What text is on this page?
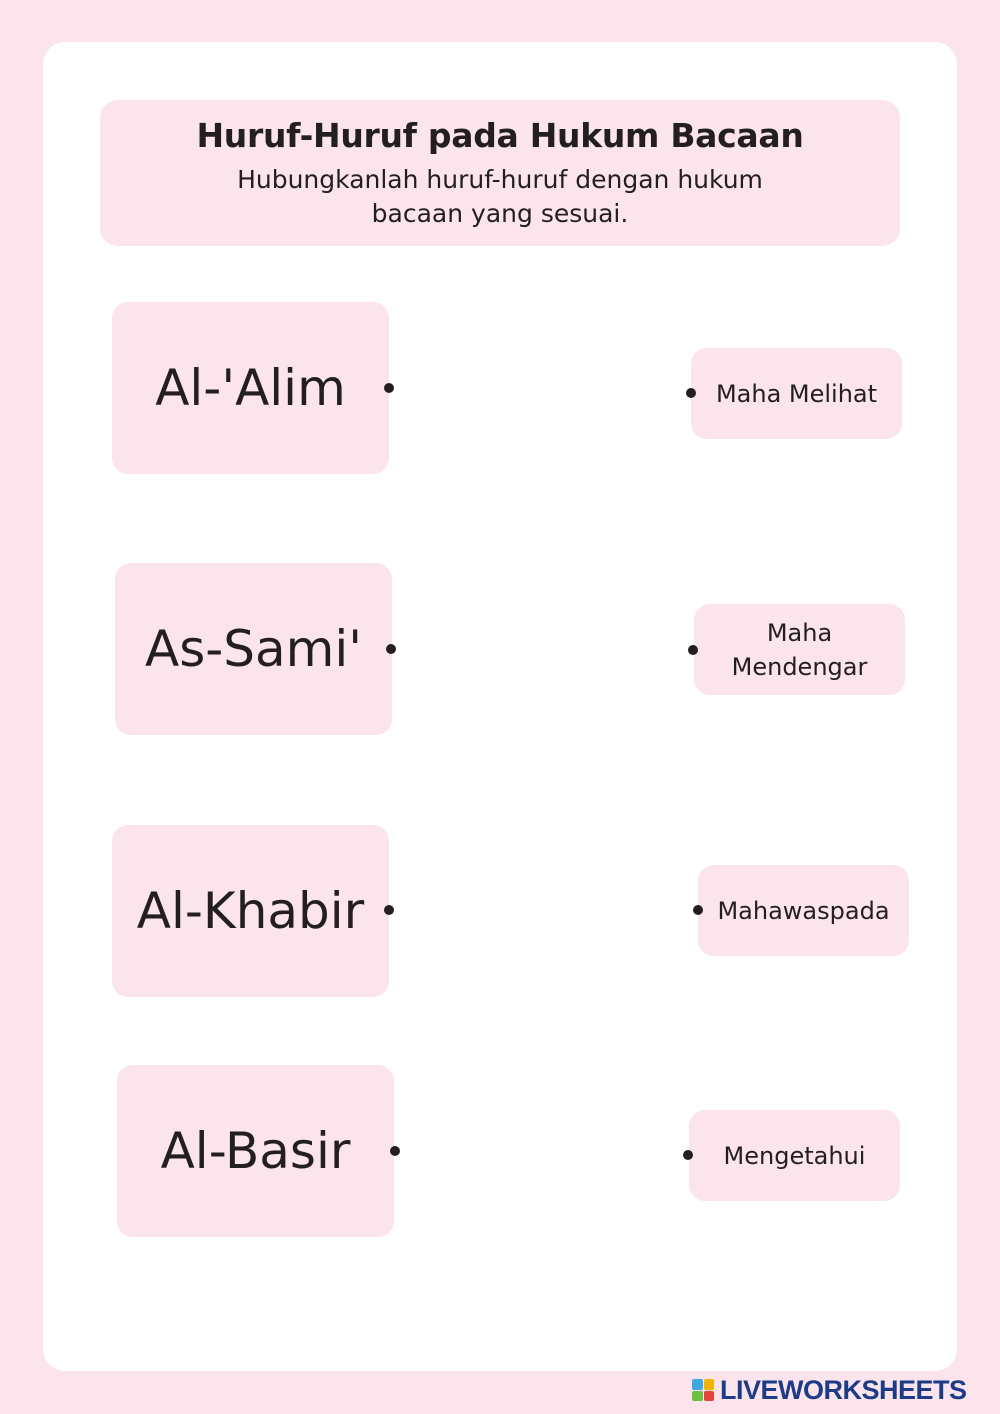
Huruf-Huruf pada Hukum Bacaan
Hubungkanlah huruf-huruf dengan hukum bacaan yang sesuai.
Al-'Alim
As-Sami'
Al-Khabir
Al-Basir
Maha Melihat
Maha Mendengar
Mahawaspada
Mengetahui
LIVEWORKSHEETS
